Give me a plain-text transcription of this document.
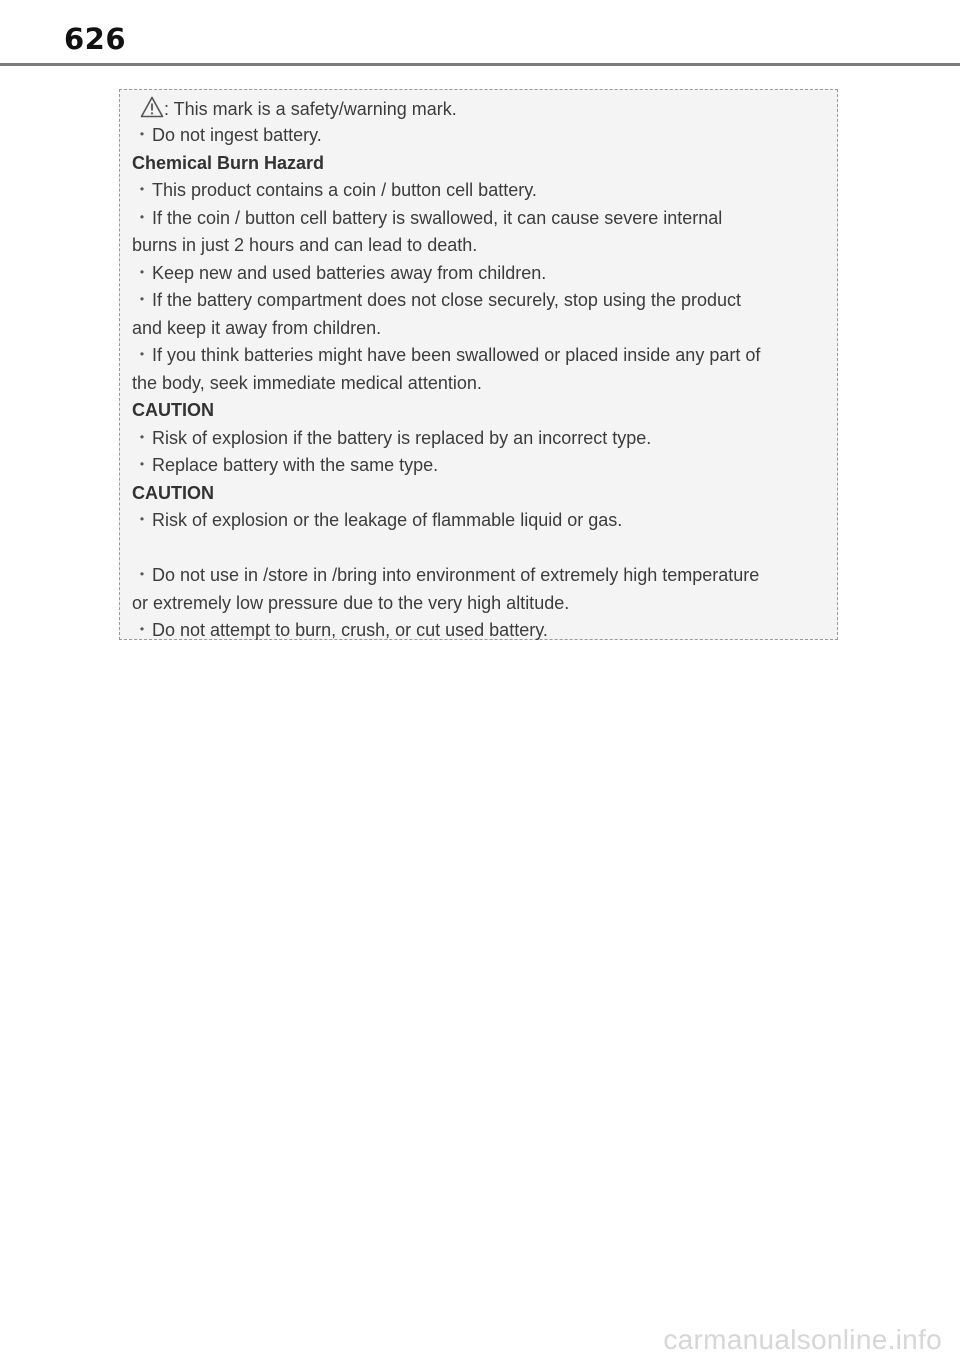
626
: This mark is a safety/warning mark.
・Do not ingest battery.
Chemical Burn Hazard
・This product contains a coin / button cell battery.
・If the coin / button cell battery is swallowed, it can cause severe internal
burns in just 2 hours and can lead to death.
・Keep new and used batteries away from children.
・If the battery compartment does not close securely, stop using the product
and keep it away from children.
・If you think batteries might have been swallowed or placed inside any part of
the body, seek immediate medical attention.
CAUTION
・Risk of explosion if the battery is replaced by an incorrect type.
・Replace battery with the same type.
CAUTION
・Risk of explosion or the leakage of flammable liquid or gas.
・Do not use in /store in /bring into environment of extremely high temperature
or extremely low pressure due to the very high altitude.
・Do not attempt to burn, crush, or cut used battery.
carmanualsonline.info
